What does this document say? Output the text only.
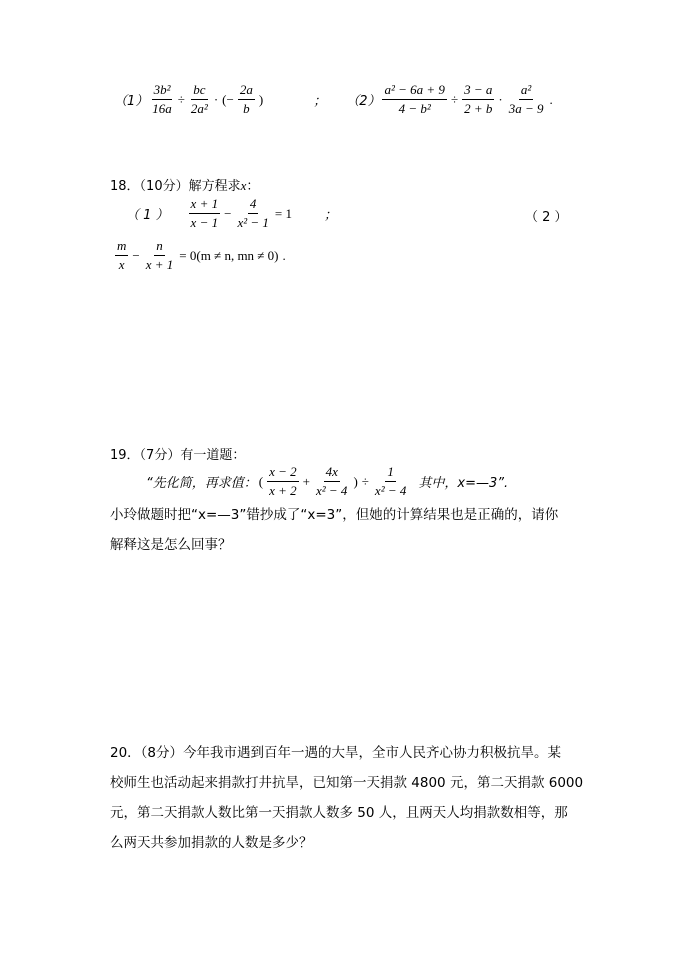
$(1) \frac{\text{3b²}}{16a} \div \frac{bc}{\text{2a²}}$ · (− $\frac{2a}{b}$ )	； $(2) \frac{\text{a² − 6a + 9}}{\text{4 − b²}} \div \frac{3 - a}{2 + b} \cdot \frac{\text{a²}}{3a - 9}$ .
18．（10分）解方程求x：
（ 1 ） $\frac{x + 1}{x - 1} - \frac{4}{\text{x² − 1}} = 1$ ；	（ 2 ）
$\frac{m}{x} - \frac{n}{x + 1} = 0(m \ne n$, mn ≠ 0) .
19．（7分）有一道题：
“先化简，再求值： ( $\frac{x - 2}{x + 2} + \frac{4x}{\text{x² − 4}}$ ) ÷ $\frac{1}{\text{x² − 4}}$ 其中，x=—3”.
小玲做题时把“x=—3”错抄成了“x=3”，但她的计算结果也是正确的，请你
解释这是怎么回事？
20．（8分）今年我市遇到百年一遇的大旱，全市人民齐心协力积极抗旱。某
校师生也活动起来捐款打井抗旱，已知第一天捐款 4800 元，第二天捐款 6000
元，第二天捐款人数比第一天捐款人数多 50 人，且两天人均捐款数相等，那
么两天共参加捐款的人数是多少？
